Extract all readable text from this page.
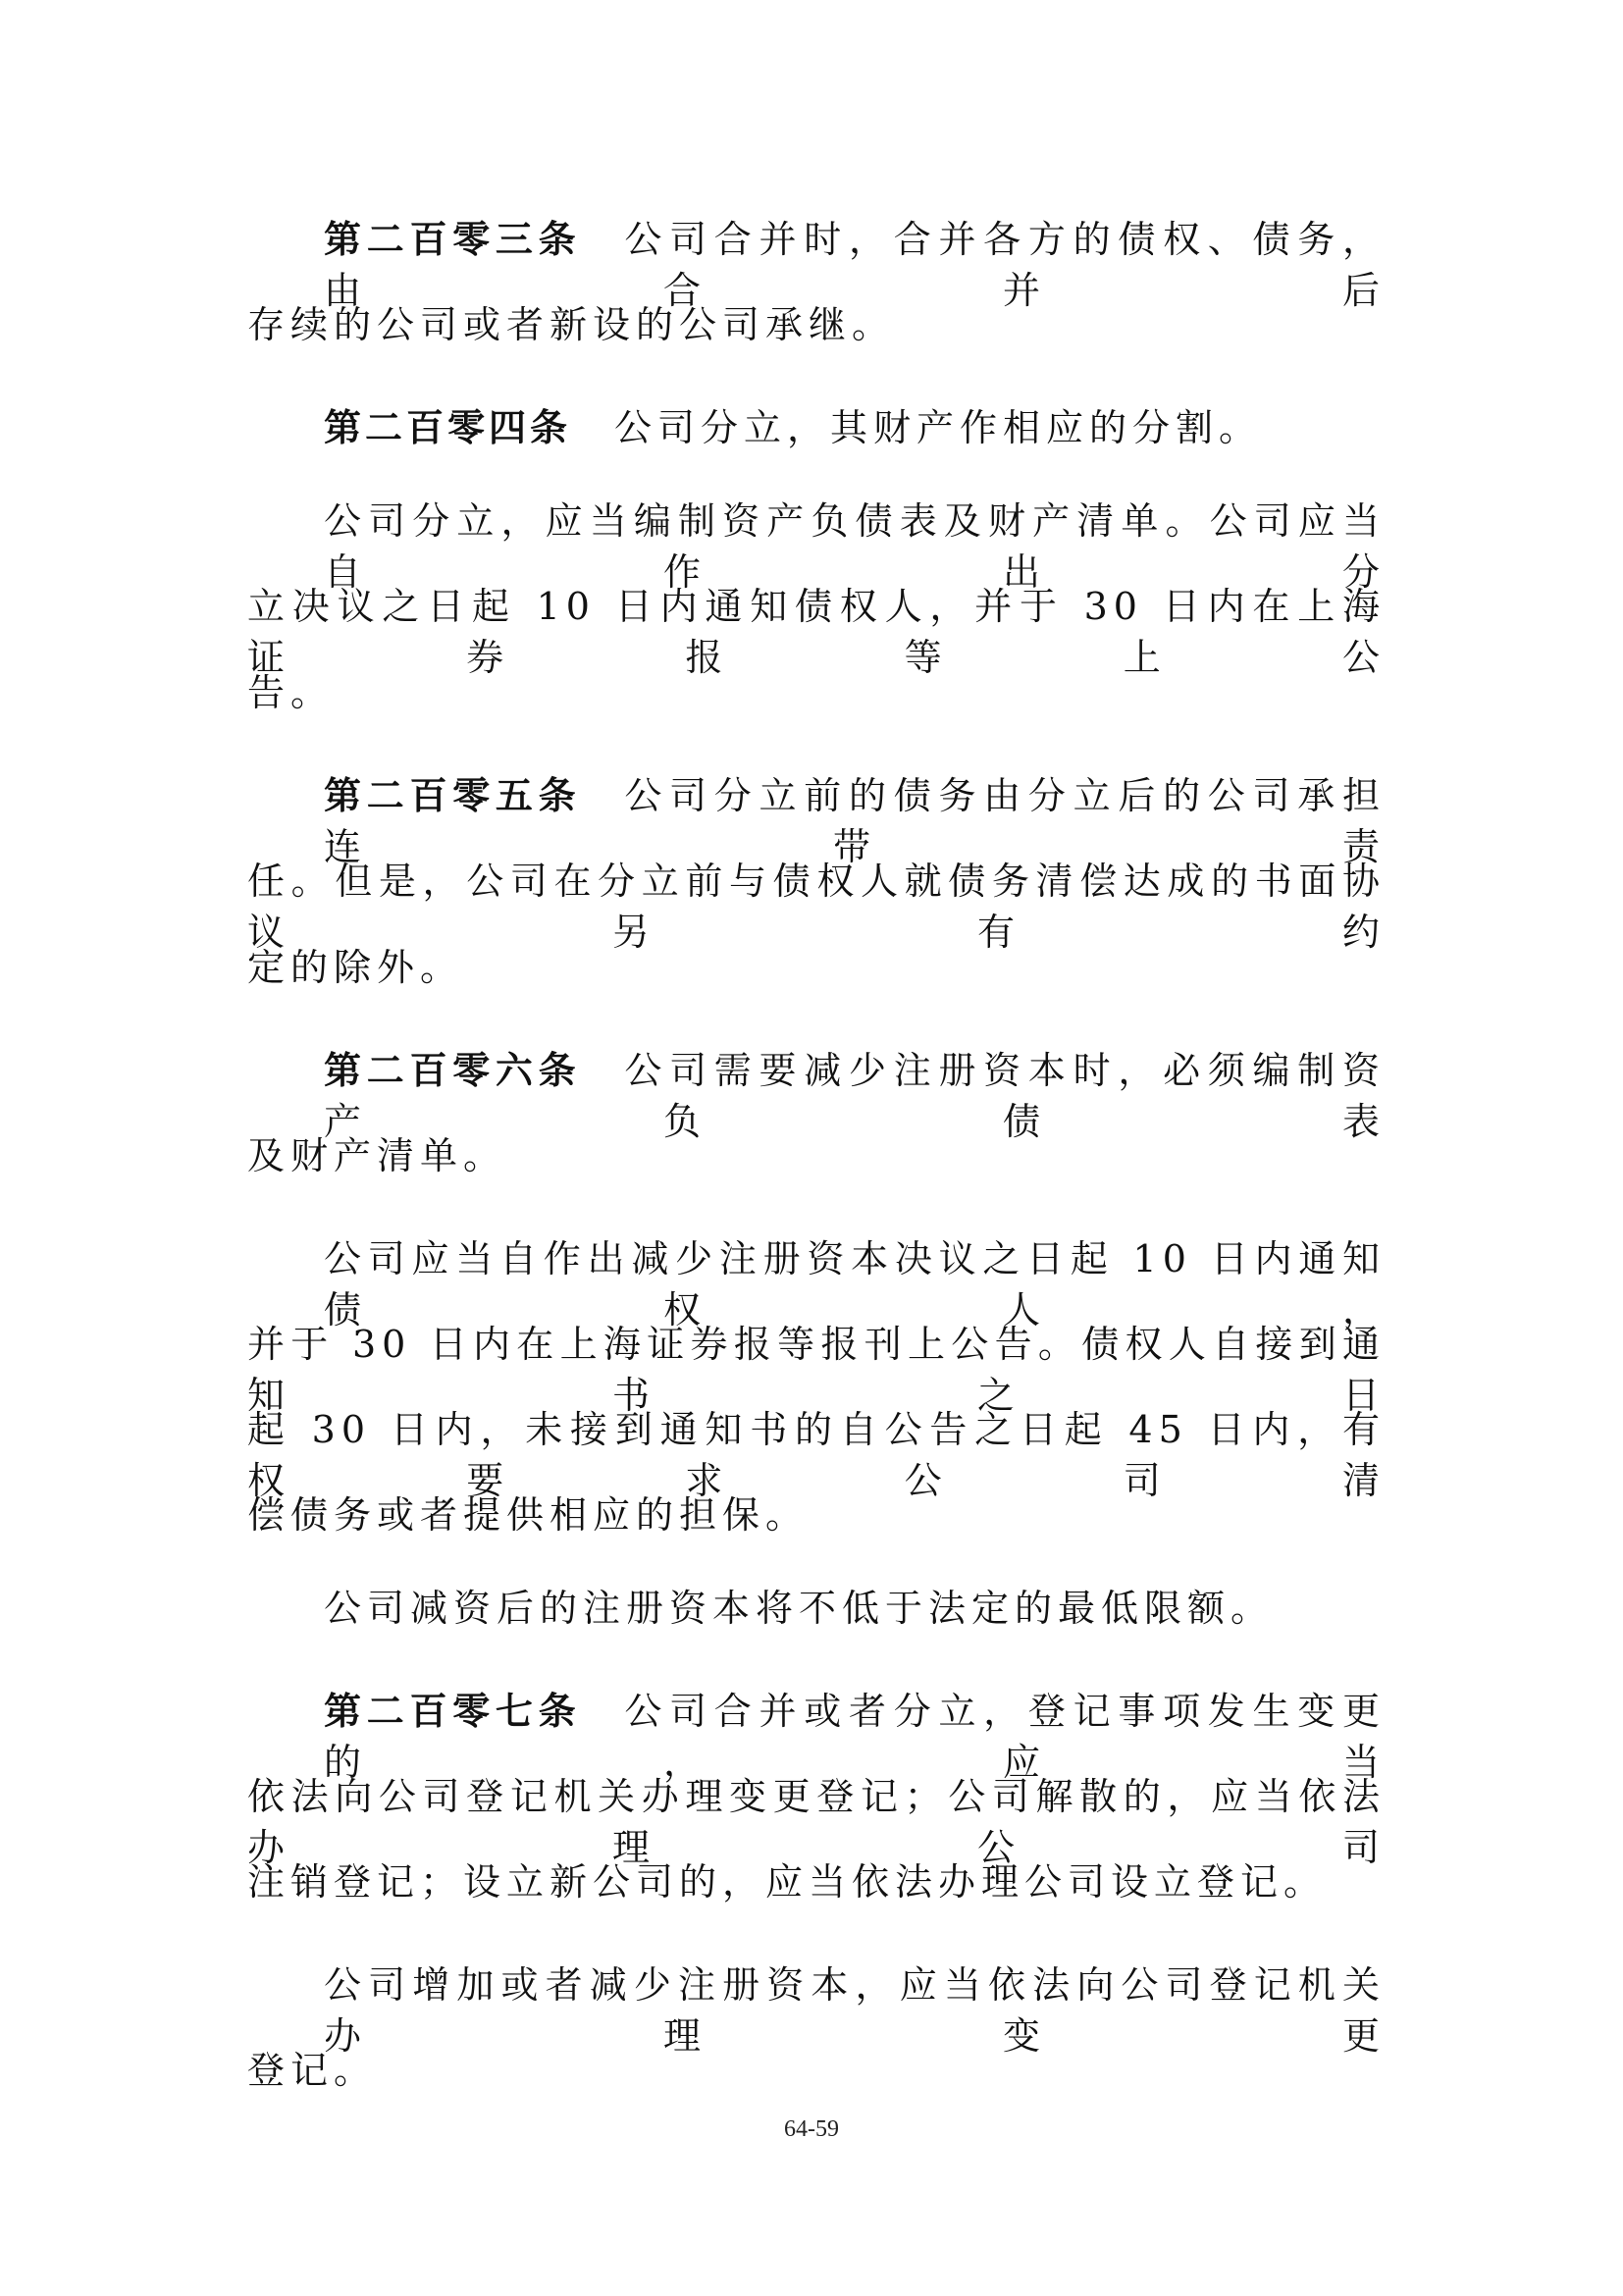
第二百零三条 公司合并时，合并各方的债权、债务，由合并后
存续的公司或者新设的公司承继。
第二百零四条 公司分立，其财产作相应的分割。
公司分立，应当编制资产负债表及财产清单。公司应当自作出分
立决议之日起 10 日内通知债权人，并于 30 日内在上海证券报等上公
告。
第二百零五条 公司分立前的债务由分立后的公司承担连带责
任。但是，公司在分立前与债权人就债务清偿达成的书面协议另有约
定的除外。
第二百零六条 公司需要减少注册资本时，必须编制资产负债表
及财产清单。
公司应当自作出减少注册资本决议之日起 10 日内通知债权人，
并于 30 日内在上海证券报等报刊上公告。债权人自接到通知书之日
起 30 日内，未接到通知书的自公告之日起 45 日内，有权要求公司清
偿债务或者提供相应的担保。
公司减资后的注册资本将不低于法定的最低限额。
第二百零七条 公司合并或者分立，登记事项发生变更的，应当
依法向公司登记机关办理变更登记；公司解散的，应当依法办理公司
注销登记；设立新公司的，应当依法办理公司设立登记。
公司增加或者减少注册资本，应当依法向公司登记机关办理变更
登记。
64-59
